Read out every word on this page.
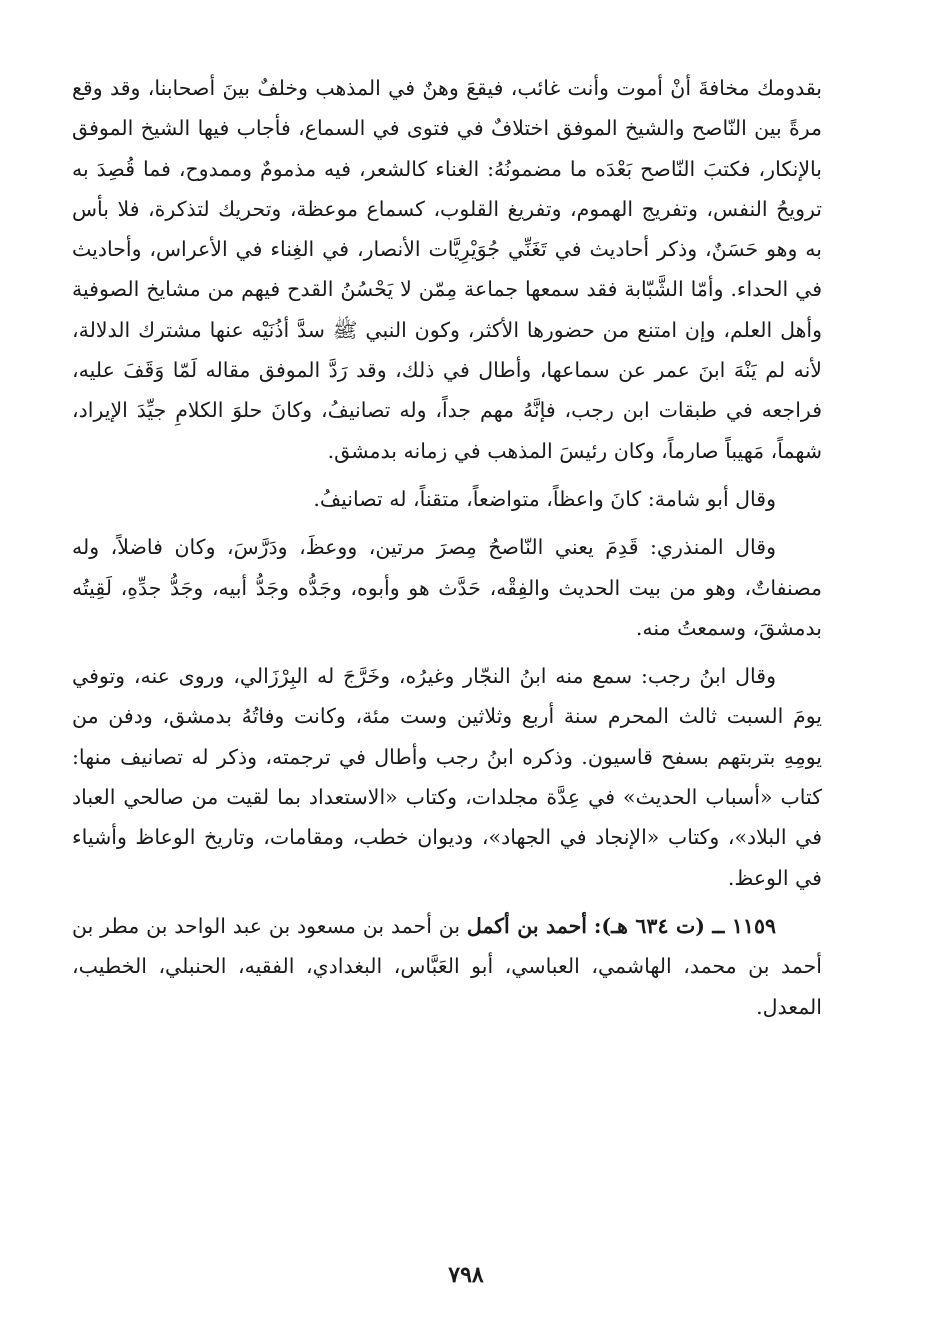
بقدومك مخافةَ أنْ أموت وأنت غائب، فيقعَ وهنٌ في المذهب وخلفٌ بينَ أصحابنا، وقد وقع مرةً بين النّاصح والشيخ الموفق اختلافٌ في فتوى في السماع، فأجاب فيها الشيخ الموفق بالإنكار، فكتبَ النّاصح بَعْدَه ما مضمونُهُ: الغناء كالشعر، فيه مذمومٌ وممدوح، فما قُصِدَ به ترويحُ النفس، وتفريج الهموم، وتفريغ القلوب، كسماع موعظة، وتحريك لتذكرة، فلا بأس به وهو حَسَنٌ، وذكر أحاديث في تَغَنِّي جُوَيْرِيَّات الأنصار، في الغِناء في الأعراس، وأحاديث في الحداء. وأمّا الشَّبّابة فقد سمعها جماعة مِمّن لا يَحْسُنُ القدح فيهم من مشايخ الصوفية وأهل العلم، وإن امتنع من حضورها الأكثر، وكون النبي ﷺ سدَّ أذُنَيْه عنها مشترك الدلالة، لأنه لم يَنْهَ ابنَ عمر عن سماعها، وأطال في ذلك، وقد رَدَّ الموفق مقاله لَمّا وَقَفَ عليه، فراجعه في طبقات ابن رجب، فإنَّهُ مهم جداً، وله تصانيفُ، وكانَ حلوَ الكلامِ جيِّدَ الإيراد، شهماً، مَهيباً صارماً، وكان رئيسَ المذهب في زمانه بدمشق.

وقال أبو شامة: كانَ واعظاً، متواضعاً، متقناً، له تصانيفُ.

وقال المنذري: قَدِمَ يعني النّاصحُ مِصرَ مرتين، ووعظَ، ودَرَّسَ، وكان فاضلاً، وله مصنفاتٌ، وهو من بيت الحديث والفِقْه، حَدَّث هو وأبوه، وجَدُّه وجَدُّ أبيه، وجَدُّ جدِّهِ، لَقِيتُه بدمشقَ، وسمعتُ منه.

وقال ابنُ رجب: سمع منه ابنُ النجّار وغيرُه، وخَرَّجَ له البِرْزَالي، وروى عنه، وتوفي يومَ السبت ثالث المحرم سنة أربع وثلاثين وست مئة، وكانت وفاتُهُ بدمشق، ودفن من يومِهِ بتربتهم بسفح قاسيون. وذكره ابنُ رجب وأطال في ترجمته، وذكر له تصانيف منها: كتاب «أسباب الحديث» في عِدَّة مجلدات، وكتاب «الاستعداد بما لقيت من صالحي العباد في البلاد»، وكتاب «الإنجاد في الجهاد»، وديوان خطب، ومقامات، وتاريخ الوعاظ وأشياء في الوعظ.

١١٥٩ ــ (ت ٦٣٤ هـ): أحمد بن أكمل بن أحمد بن مسعود بن عبد الواحد بن مطر بن أحمد بن محمد، الهاشمي، العباسي، أبو العَبَّاس، البغدادي، الفقيه، الحنبلي، الخطيب، المعدل.

٧٩٨
